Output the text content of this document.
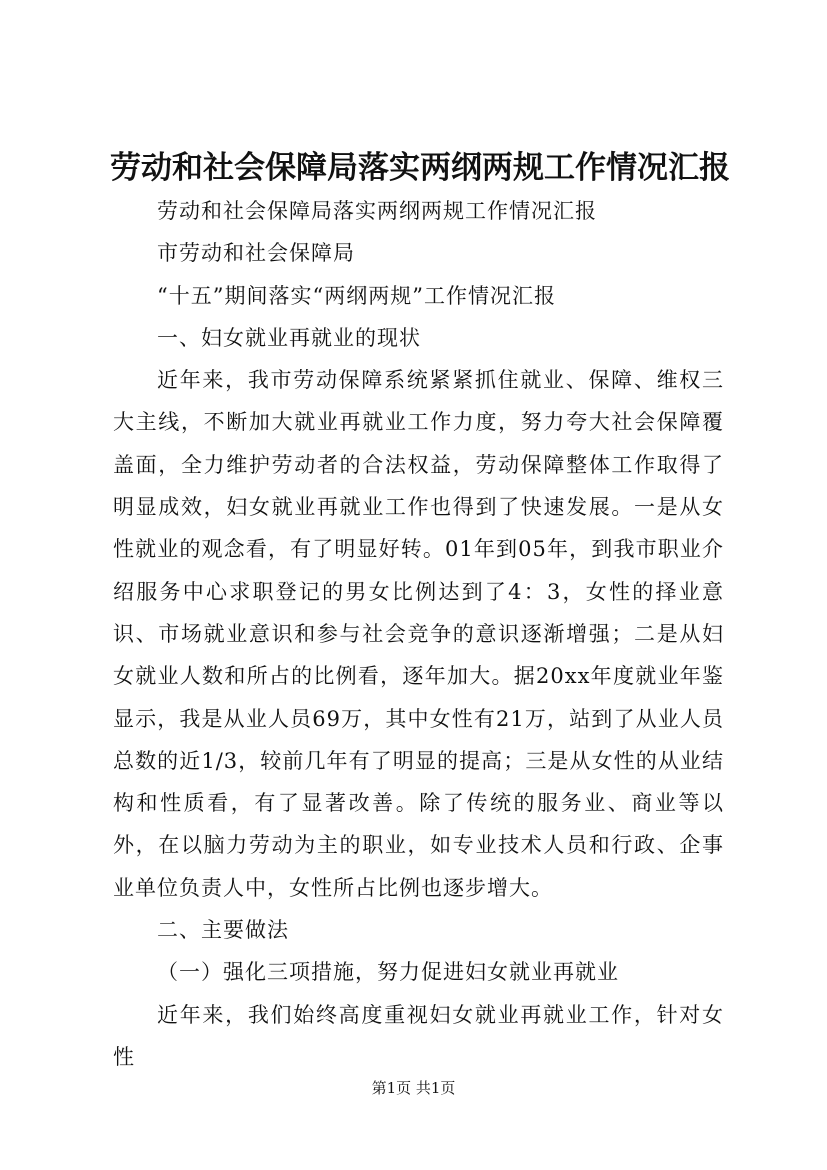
劳动和社会保障局落实两纲两规工作情况汇报

劳动和社会保障局落实两纲两规工作情况汇报

市劳动和社会保障局

“十五”期间落实“两纲两规”工作情况汇报

一、妇女就业再就业的现状

近年来，我市劳动保障系统紧紧抓住就业、保障、维权三大主线，不断加大就业再就业工作力度，努力夸大社会保障覆盖面，全力维护劳动者的合法权益，劳动保障整体工作取得了明显成效，妇女就业再就业工作也得到了快速发展。一是从女性就业的观念看，有了明显好转。01年到05年，到我市职业介绍服务中心求职登记的男女比例达到了4：3，女性的择业意识、市场就业意识和参与社会竞争的意识逐渐增强；二是从妇女就业人数和所占的比例看，逐年加大。据20xx年度就业年鉴显示，我是从业人员69万，其中女性有21万，站到了从业人员总数的近1/3，较前几年有了明显的提高；三是从女性的从业结构和性质看，有了显著改善。除了传统的服务业、商业等以外，在以脑力劳动为主的职业，如专业技术人员和行政、企事业单位负责人中，女性所占比例也逐步增大。

二、主要做法

（一）强化三项措施，努力促进妇女就业再就业

近年来，我们始终高度重视妇女就业再就业工作，针对女性

第1页 共1页
